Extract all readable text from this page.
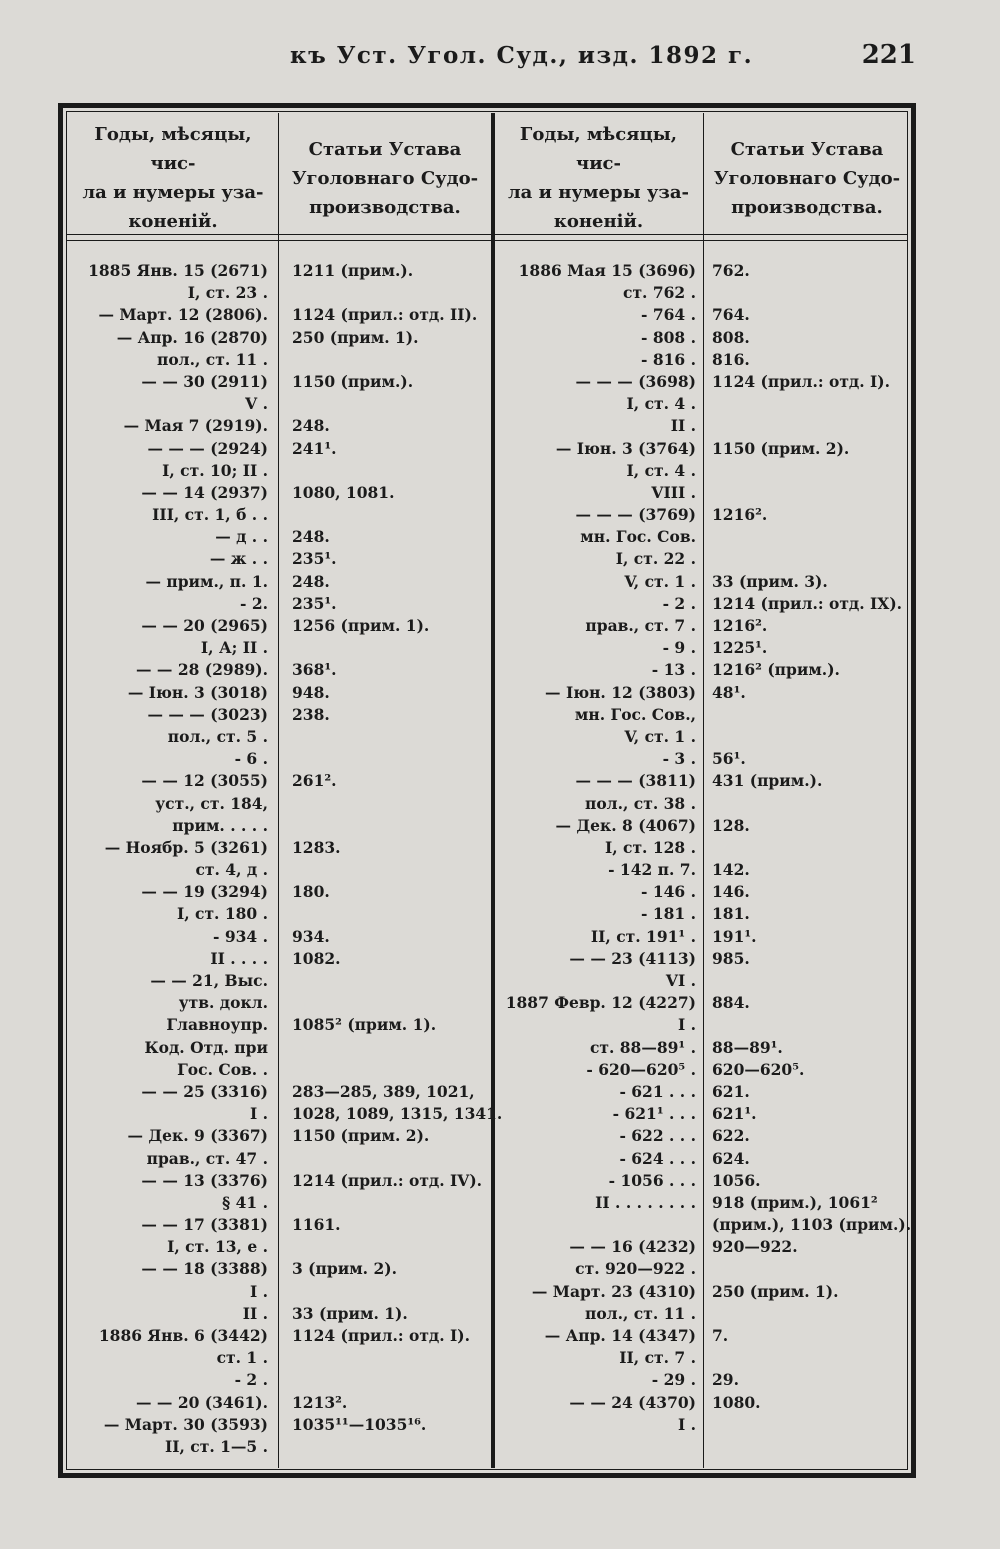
къ Уст. Угол. Суд., изд. 1892 г.	221
Годы, мѣсяцы, чис-
ла и нумеры уза-
коненій.
Статьи Устава
Уголовнаго Судо-
производства.
Годы, мѣсяцы, чис-
ла и нумеры уза-
коненій.
Статьи Устава
Уголовнаго Судо-
производства.
1885 Янв. 15 (2671)
I, ст. 23 .
— Март. 12 (2806).
— Апр. 16 (2870)
пол., ст. 11 .
— — 30 (2911)
V .
— Мая 7 (2919).
— — — (2924)
I, ст. 10; II .
— — 14 (2937)
III, ст. 1, б . .
— д . .
— ж . .
— прим., п. 1.
- 2.
— — 20 (2965)
I, А; II .
— — 28 (2989).
— Іюн. 3 (3018)
— — — (3023)
пол., ст. 5 .
- 6 .
— — 12 (3055)
уст., ст. 184,
прим. . . . .
— Ноябр. 5 (3261)
ст. 4, д .
— — 19 (3294)
I, ст. 180 .
- 934 .
II . . . .
— — 21, Выс.
утв. докл.
Главноупр.
Код. Отд. при
Гос. Сов. .
— — 25 (3316)
I .
— Дек. 9 (3367)
прав., ст. 47 .
— — 13 (3376)
§ 41 .
— — 17 (3381)
I, ст. 13, е .
— — 18 (3388)
I .
II .
1886 Янв. 6 (3442)
ст. 1 .
- 2 .
— — 20 (3461).
— Март. 30 (3593)
II, ст. 1—5 .
1211 (прим.).
1124 (прил.: отд. II).
250 (прим. 1).
1150 (прим.).
248.
241¹.
1080, 1081.
248.
235¹.
248.
235¹.
1256 (прим. 1).
368¹.
948.
238.
261².
1283.
180.
934.
1082.
1085² (прим. 1).
283—285, 389, 1021,
1028, 1089, 1315, 1341.
1150 (прим. 2).
1214 (прил.: отд. IV).
1161.
3 (прим. 2).
33 (прим. 1).
1124 (прил.: отд. I).
1213².
1035¹¹—1035¹⁶.
1886 Мая 15 (3696)
ст. 762 .
- 764 .
- 808 .
- 816 .
— — — (3698)
I, ст. 4 .
II .
— Іюн. 3 (3764)
I, ст. 4 .
VIII .
— — — (3769)
мн. Гос. Сов.
I, ст. 22 .
V, ст. 1 .
- 2 .
прав., ст. 7 .
- 9 .
- 13 .
— Іюн. 12 (3803)
мн. Гос. Сов.,
V, ст. 1 .
- 3 .
— — — (3811)
пол., ст. 38 .
— Дек. 8 (4067)
I, ст. 128 .
- 142 п. 7.
- 146 .
- 181 .
II, ст. 191¹ .
— — 23 (4113)
VI .
1887 Февр. 12 (4227)
I .
ст. 88—89¹ .
- 620—620⁵ .
- 621 . . .
- 621¹ . . .
- 622 . . .
- 624 . . .
- 1056 . . .
II . . . . . . . .
— — 16 (4232)
ст. 920—922 .
— Март. 23 (4310)
пол., ст. 11 .
— Апр. 14 (4347)
II, ст. 7 .
- 29 .
— — 24 (4370)
I .
762.
764.
808.
816.
1124 (прил.: отд. I).
1150 (прим. 2).
1216².
33 (прим. 3).
1214 (прил.: отд. IX).
1216².
1225¹.
1216² (прим.).
48¹.
56¹.
431 (прим.).
128.
142.
146.
181.
191¹.
985.
884.
88—89¹.
620—620⁵.
621.
621¹.
622.
624.
1056.
918 (прим.), 1061²
(прим.), 1103 (прим.).
920—922.
250 (прим. 1).
7.
29.
1080.
